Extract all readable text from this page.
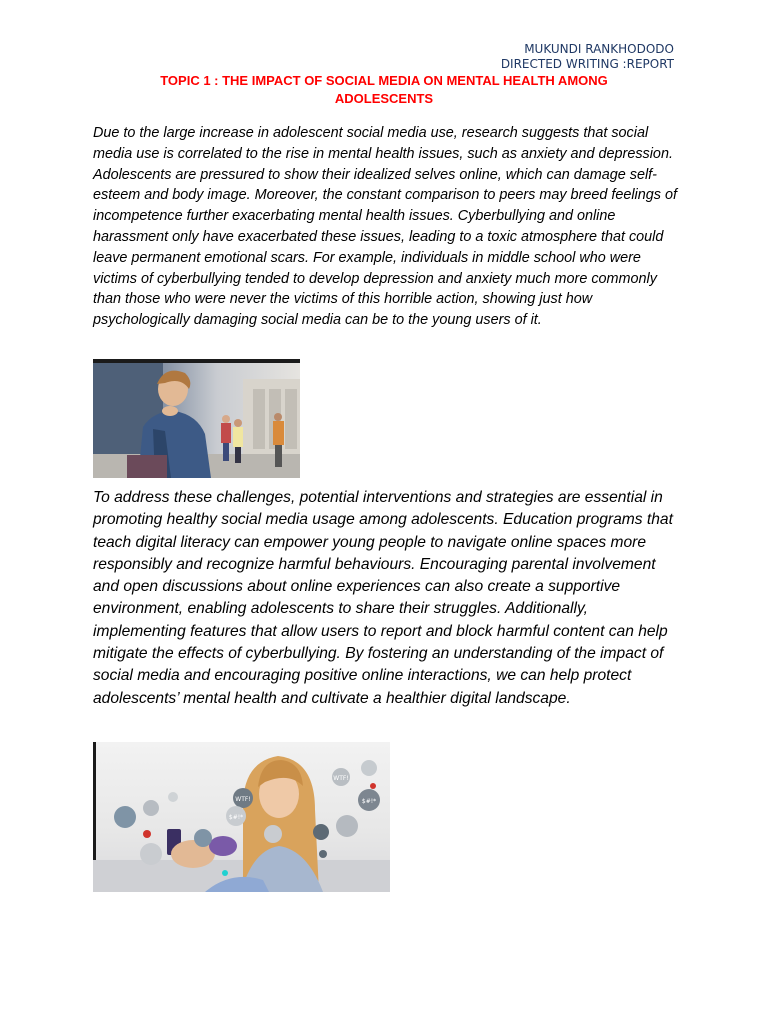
MUKUNDI RANKHODODO
DIRECTED WRITING :REPORT
TOPIC 1 : THE IMPACT OF SOCIAL MEDIA ON MENTAL HEALTH AMONG
ADOLESCENTS

Due to the large increase in adolescent social media use, research suggests that social media use is correlated to the rise in mental health issues, such as anxiety and depression. Adolescents are pressured to show their idealized selves online, which can damage self-esteem and body image. Moreover, the constant comparison to peers may breed feelings of incompetence further exacerbating mental health issues. Cyberbullying and online harassment only have exacerbated these issues, leading to a toxic atmosphere that could leave permanent emotional scars. For example, individuals in middle school who were victims of cyberbullying tended to develop depression and anxiety much more commonly than those who were never the victims of this horrible action, showing just how psychologically damaging social media can be to the young users of it.

To address these challenges, potential interventions and strategies are essential in promoting healthy social media usage among adolescents. Education programs that teach digital literacy can empower young people to navigate online spaces more responsibly and recognize harmful behaviours. Encouraging parental involvement and open discussions about online experiences can also create a supportive environment, enabling adolescents to share their struggles. Additionally, implementing features that allow users to report and block harmful content can help mitigate the effects of cyberbullying. By fostering an understanding of the impact of social media and encouraging positive online interactions, we can help protect adolescents’ mental health and cultivate a healthier digital landscape.

WTF!
$#!*
WTF!
$#!*
